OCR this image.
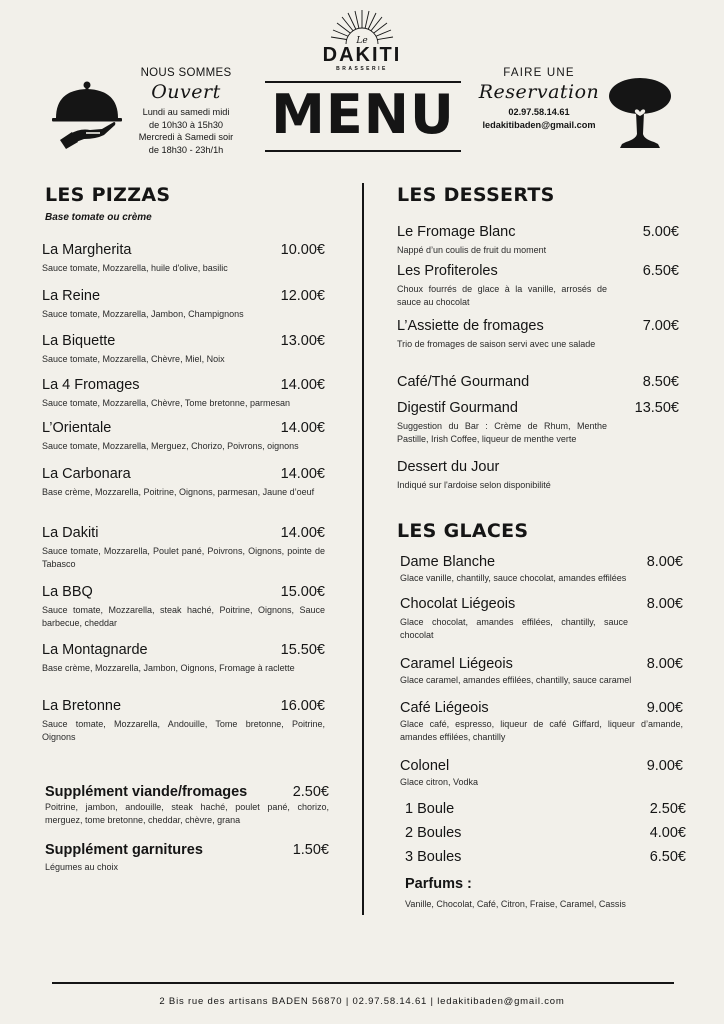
NOUS SOMMES
Ouvert
Lundi au samedi midi
de 10h30 à 15h30
Mercredi à Samedi soir
de 18h30 - 23h/1h
Le
DAKITI
BRASSERIE
MENU
FAIRE UNE
Reservation
02.97.58.14.61
ledakitibaden@gmail.com
LES PIZZAS
Base tomate ou crème
La Margherita	10.00€
Sauce tomate, Mozzarella, huile d'olive, basilic
La Reine	12.00€
Sauce tomate, Mozzarella, Jambon, Champignons
La Biquette	13.00€
Sauce tomate, Mozzarella, Chèvre, Miel, Noix
La 4 Fromages	14.00€
Sauce tomate, Mozzarella, Chèvre, Tome bretonne, parmesan
L’Orientale	14.00€
Sauce tomate, Mozzarella, Merguez, Chorizo, Poivrons, oignons
La Carbonara	14.00€
Base crème, Mozzarella, Poitrine, Oignons, parmesan, Jaune d’oeuf
La Dakiti	14.00€
Sauce tomate, Mozzarella, Poulet pané, Poivrons, Oignons, pointe de Tabasco
La BBQ	15.00€
Sauce tomate, Mozzarella, steak haché, Poitrine, Oignons, Sauce barbecue, cheddar
La Montagnarde	15.50€
Base crème, Mozzarella, Jambon, Oignons, Fromage à raclette
La Bretonne	16.00€
Sauce tomate, Mozzarella, Andouille, Tome bretonne, Poitrine, Oignons
Supplément viande/fromages	2.50€
Poitrine, jambon, andouille, steak haché, poulet pané, chorizo, merguez, tome bretonne, cheddar, chèvre, grana
Supplément garnitures	1.50€
Légumes au choix
LES DESSERTS
Le Fromage Blanc	5.00€
Nappé d’un coulis de fruit du moment
Les Profiteroles	6.50€
Choux fourrés de glace à la vanille, arrosés de sauce au chocolat
L’Assiette de fromages	7.00€
Trio de fromages de saison servi avec une salade
Café/Thé Gourmand	8.50€
Digestif Gourmand	13.50€
Suggestion du Bar : Crème de Rhum, Menthe Pastille, Irish Coffee, liqueur de menthe verte
Dessert du Jour
Indiqué sur l'ardoise selon disponibilité
LES GLACES
Dame Blanche	8.00€
Glace vanille, chantilly, sauce chocolat, amandes effilées
Chocolat Liégeois	8.00€
Glace chocolat, amandes effilées, chantilly, sauce chocolat
Caramel Liégeois	8.00€
Glace caramel, amandes effilées, chantilly, sauce caramel
Café Liégeois	9.00€
Glace café, espresso, liqueur de café Giffard, liqueur d’amande, amandes effilées, chantilly
Colonel	9.00€
Glace citron, Vodka
1 Boule	2.50€
2 Boules	4.00€
3 Boules	6.50€
Parfums :
Vanille, Chocolat, Café, Citron, Fraise, Caramel, Cassis
2 Bis rue des artisans BADEN 56870 | 02.97.58.14.61 | ledakitibaden@gmail.com
